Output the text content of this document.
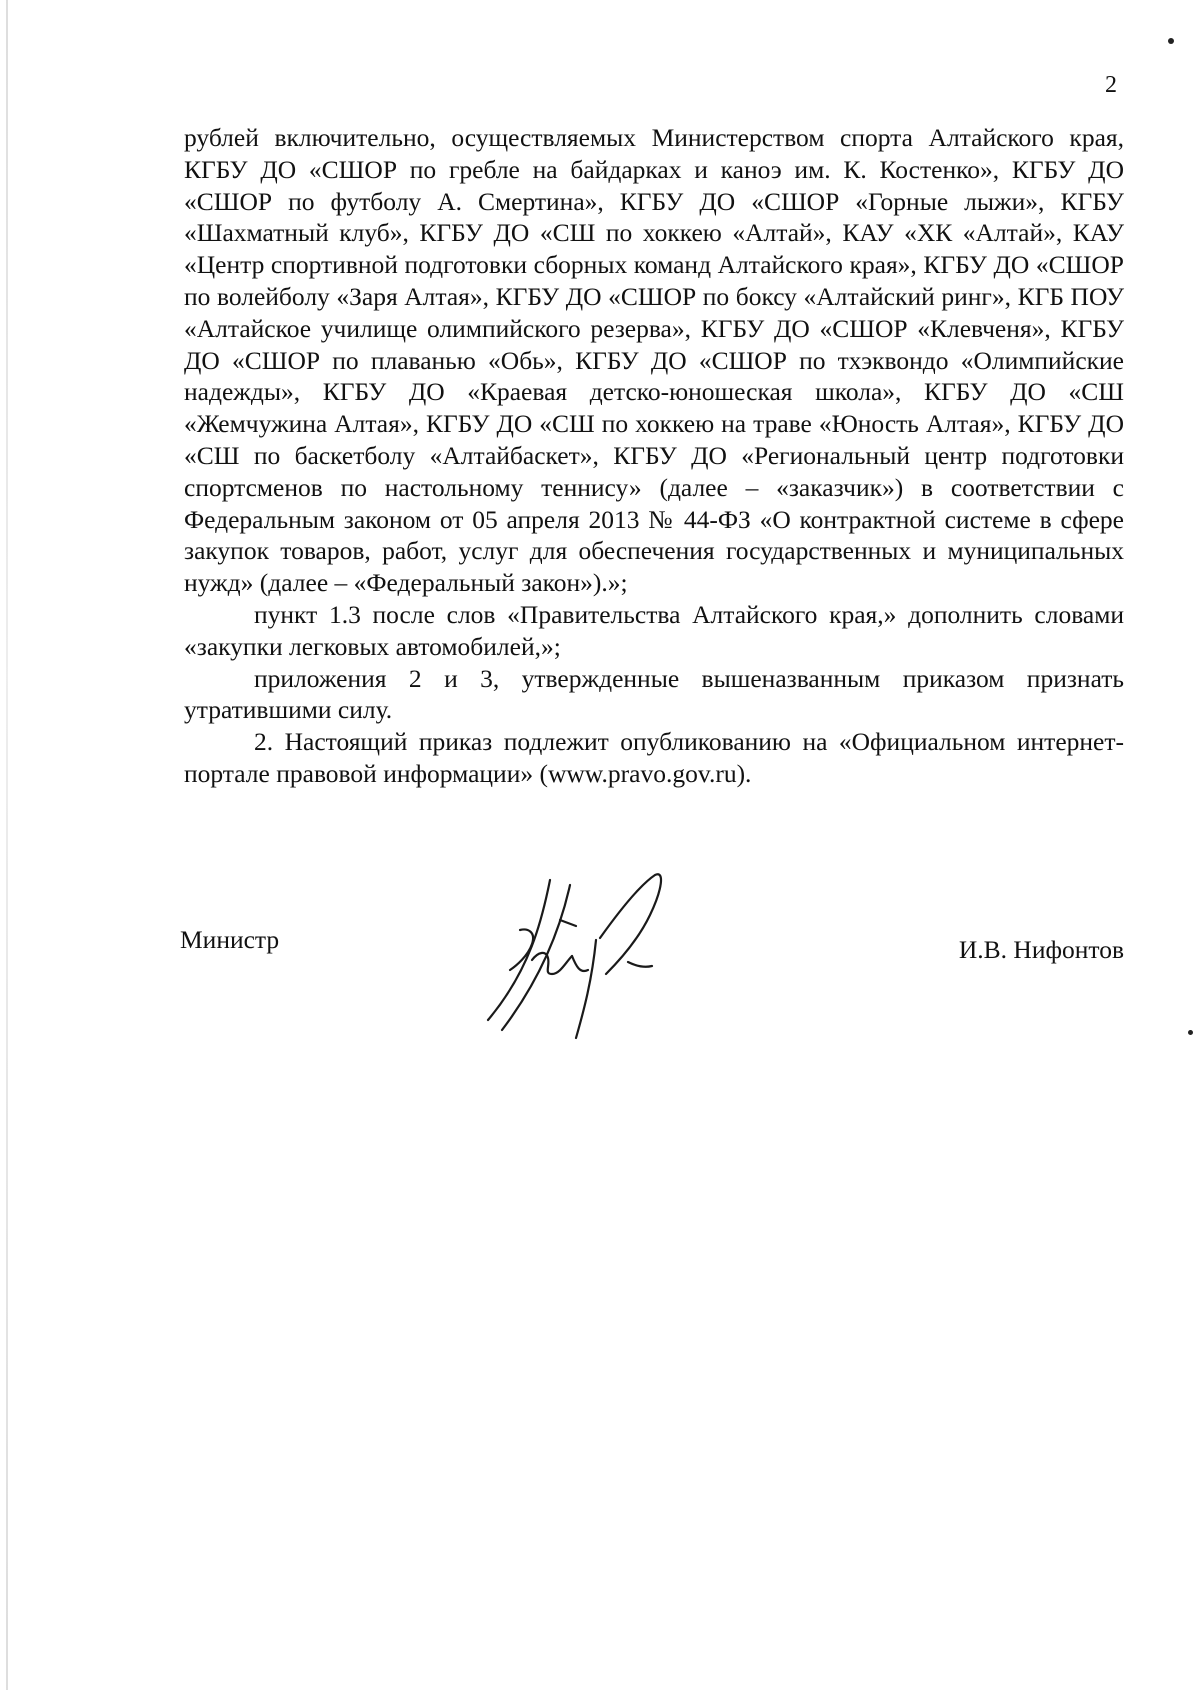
2

рублей включительно, осуществляемых Министерством спорта Алтайского края, КГБУ ДО «СШОР по гребле на байдарках и каноэ им. К. Костенко», КГБУ ДО «СШОР по футболу А. Смертина», КГБУ ДО «СШОР «Горные лыжи», КГБУ «Шахматный клуб», КГБУ ДО «СШ по хоккею «Алтай», КАУ «ХК «Алтай», КАУ «Центр спортивной подготовки сборных команд Алтайского края», КГБУ ДО «СШОР по волейболу «Заря Алтая», КГБУ ДО «СШОР по боксу «Алтайский ринг», КГБ ПОУ «Алтайское училище олимпийского резерва», КГБУ ДО «СШОР «Клевченя», КГБУ ДО «СШОР по плаванью «Обь», КГБУ ДО «СШОР по тхэквондо «Олимпийские надежды», КГБУ ДО «Краевая детско-юношеская школа», КГБУ ДО «СШ «Жемчужина Алтая», КГБУ ДО «СШ по хоккею на траве «Юность Алтая», КГБУ ДО «СШ по баскетболу «Алтайбаскет», КГБУ ДО «Региональный центр подготовки спортсменов по настольному теннису» (далее – «заказчик») в соответствии с Федеральным законом от 05 апреля 2013 № 44-ФЗ «О контрактной системе в сфере закупок товаров, работ, услуг для обеспечения государственных и муниципальных нужд» (далее – «Федеральный закон»).»;

пункт 1.3 после слов «Правительства Алтайского края,» дополнить словами «закупки легковых автомобилей,»;

приложения 2 и 3, утвержденные вышеназванным приказом признать утратившими силу.

2. Настоящий приказ подлежит опубликованию на «Официальном интернет-портале правовой информации» (www.pravo.gov.ru).

Министр	И.В. Нифонтов
